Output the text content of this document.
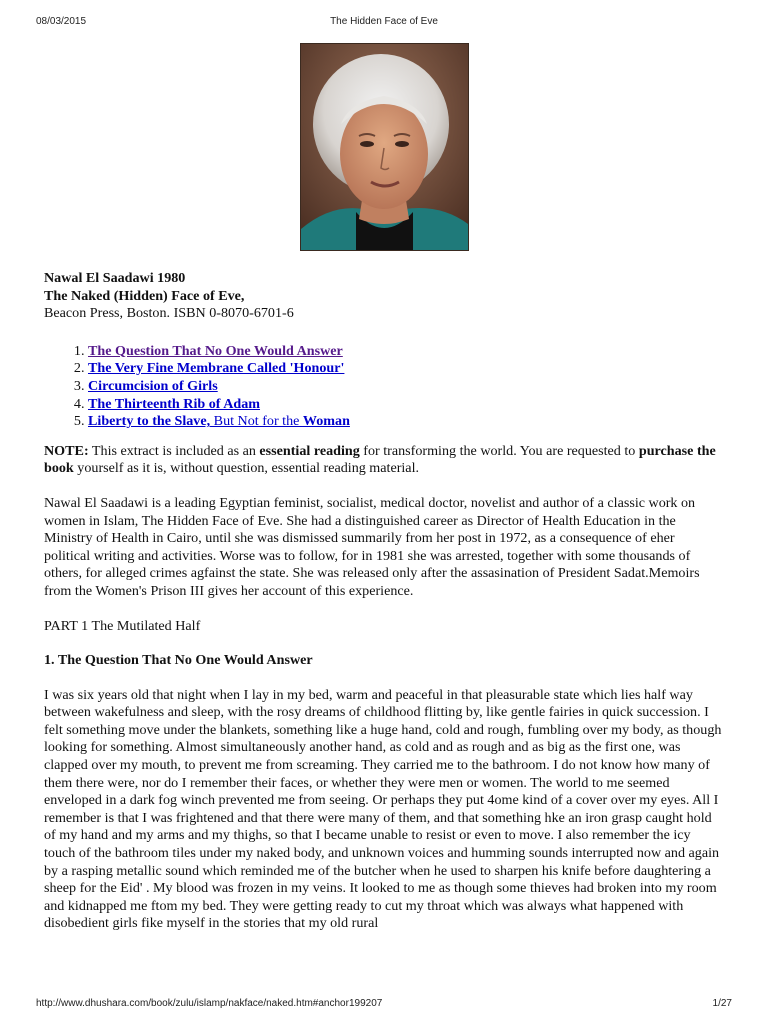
08/03/2015	The Hidden Face of Eve

Nawal El Saadawi 1980

The Naked (Hidden) Face of Eve,

Beacon Press, Boston. ISBN 0-8070-6701-6

1. The Question That No One Would Answer
2. The Very Fine Membrane Called 'Honour'
3. Circumcision of Girls
4. The Thirteenth Rib of Adam
5. Liberty to the Slave, But Not for the Woman

NOTE: This extract is included as an essential reading for transforming the world. You are requested to purchase the book yourself as it is, without question, essential reading material.

Nawal El Saadawi is a leading Egyptian feminist, socialist, medical doctor, novelist and author of a classic work on women in Islam, The Hidden Face of Eve. She had a distinguished career as Director of Health Education in the Ministry of Health in Cairo, until she was dismissed summarily from her post in 1972, as a consequence of eher political writing and activities. Worse was to follow, for in 1981 she was arrested, together with some thousands of others, for alleged crimes agfainst the state. She was released only after the assasination of President Sadat.Memoirs from the Women's Prison III gives her account of this experience.

PART 1 The Mutilated Half

1. The Question That No One Would Answer

I was six years old that night when I lay in my bed, warm and peaceful in that pleasurable state which lies half way between wakefulness and sleep, with the rosy dreams of childhood flitting by, like gentle fairies in quick succession. I felt something move under the blankets, something like a huge hand, cold and rough, fumbling over my body, as though looking for something. Almost simultaneously another hand, as cold and as rough and as big as the first one, was clapped over my mouth, to prevent me from screaming. They carried me to the bathroom. I do not know how many of them there were, nor do I remember their faces, or whether they were men or women. The world to me seemed enveloped in a dark fog winch prevented me from seeing. Or perhaps they put 4ome kind of a cover over my eyes. All I remember is that I was frightened and that there were many of them, and that something hke an iron grasp caught hold of my hand and my arms and my thighs, so that I became unable to resist or even to move. I also remember the icy touch of the bathroom tiles under my naked body, and unknown voices and humming sounds interrupted now and again by a rasping metallic sound which reminded me of the butcher when he used to sharpen his knife before daughtering a sheep for the Eid' . My blood was frozen in my veins. It looked to me as though some thieves had broken into my room and kidnapped me ftom my bed. They were getting ready to cut my throat which was always what happened with disobedient girls fike myself in the stories that my old rural

http://www.dhushara.com/book/zulu/islamp/nakface/naked.htm#anchor199207	1/27
